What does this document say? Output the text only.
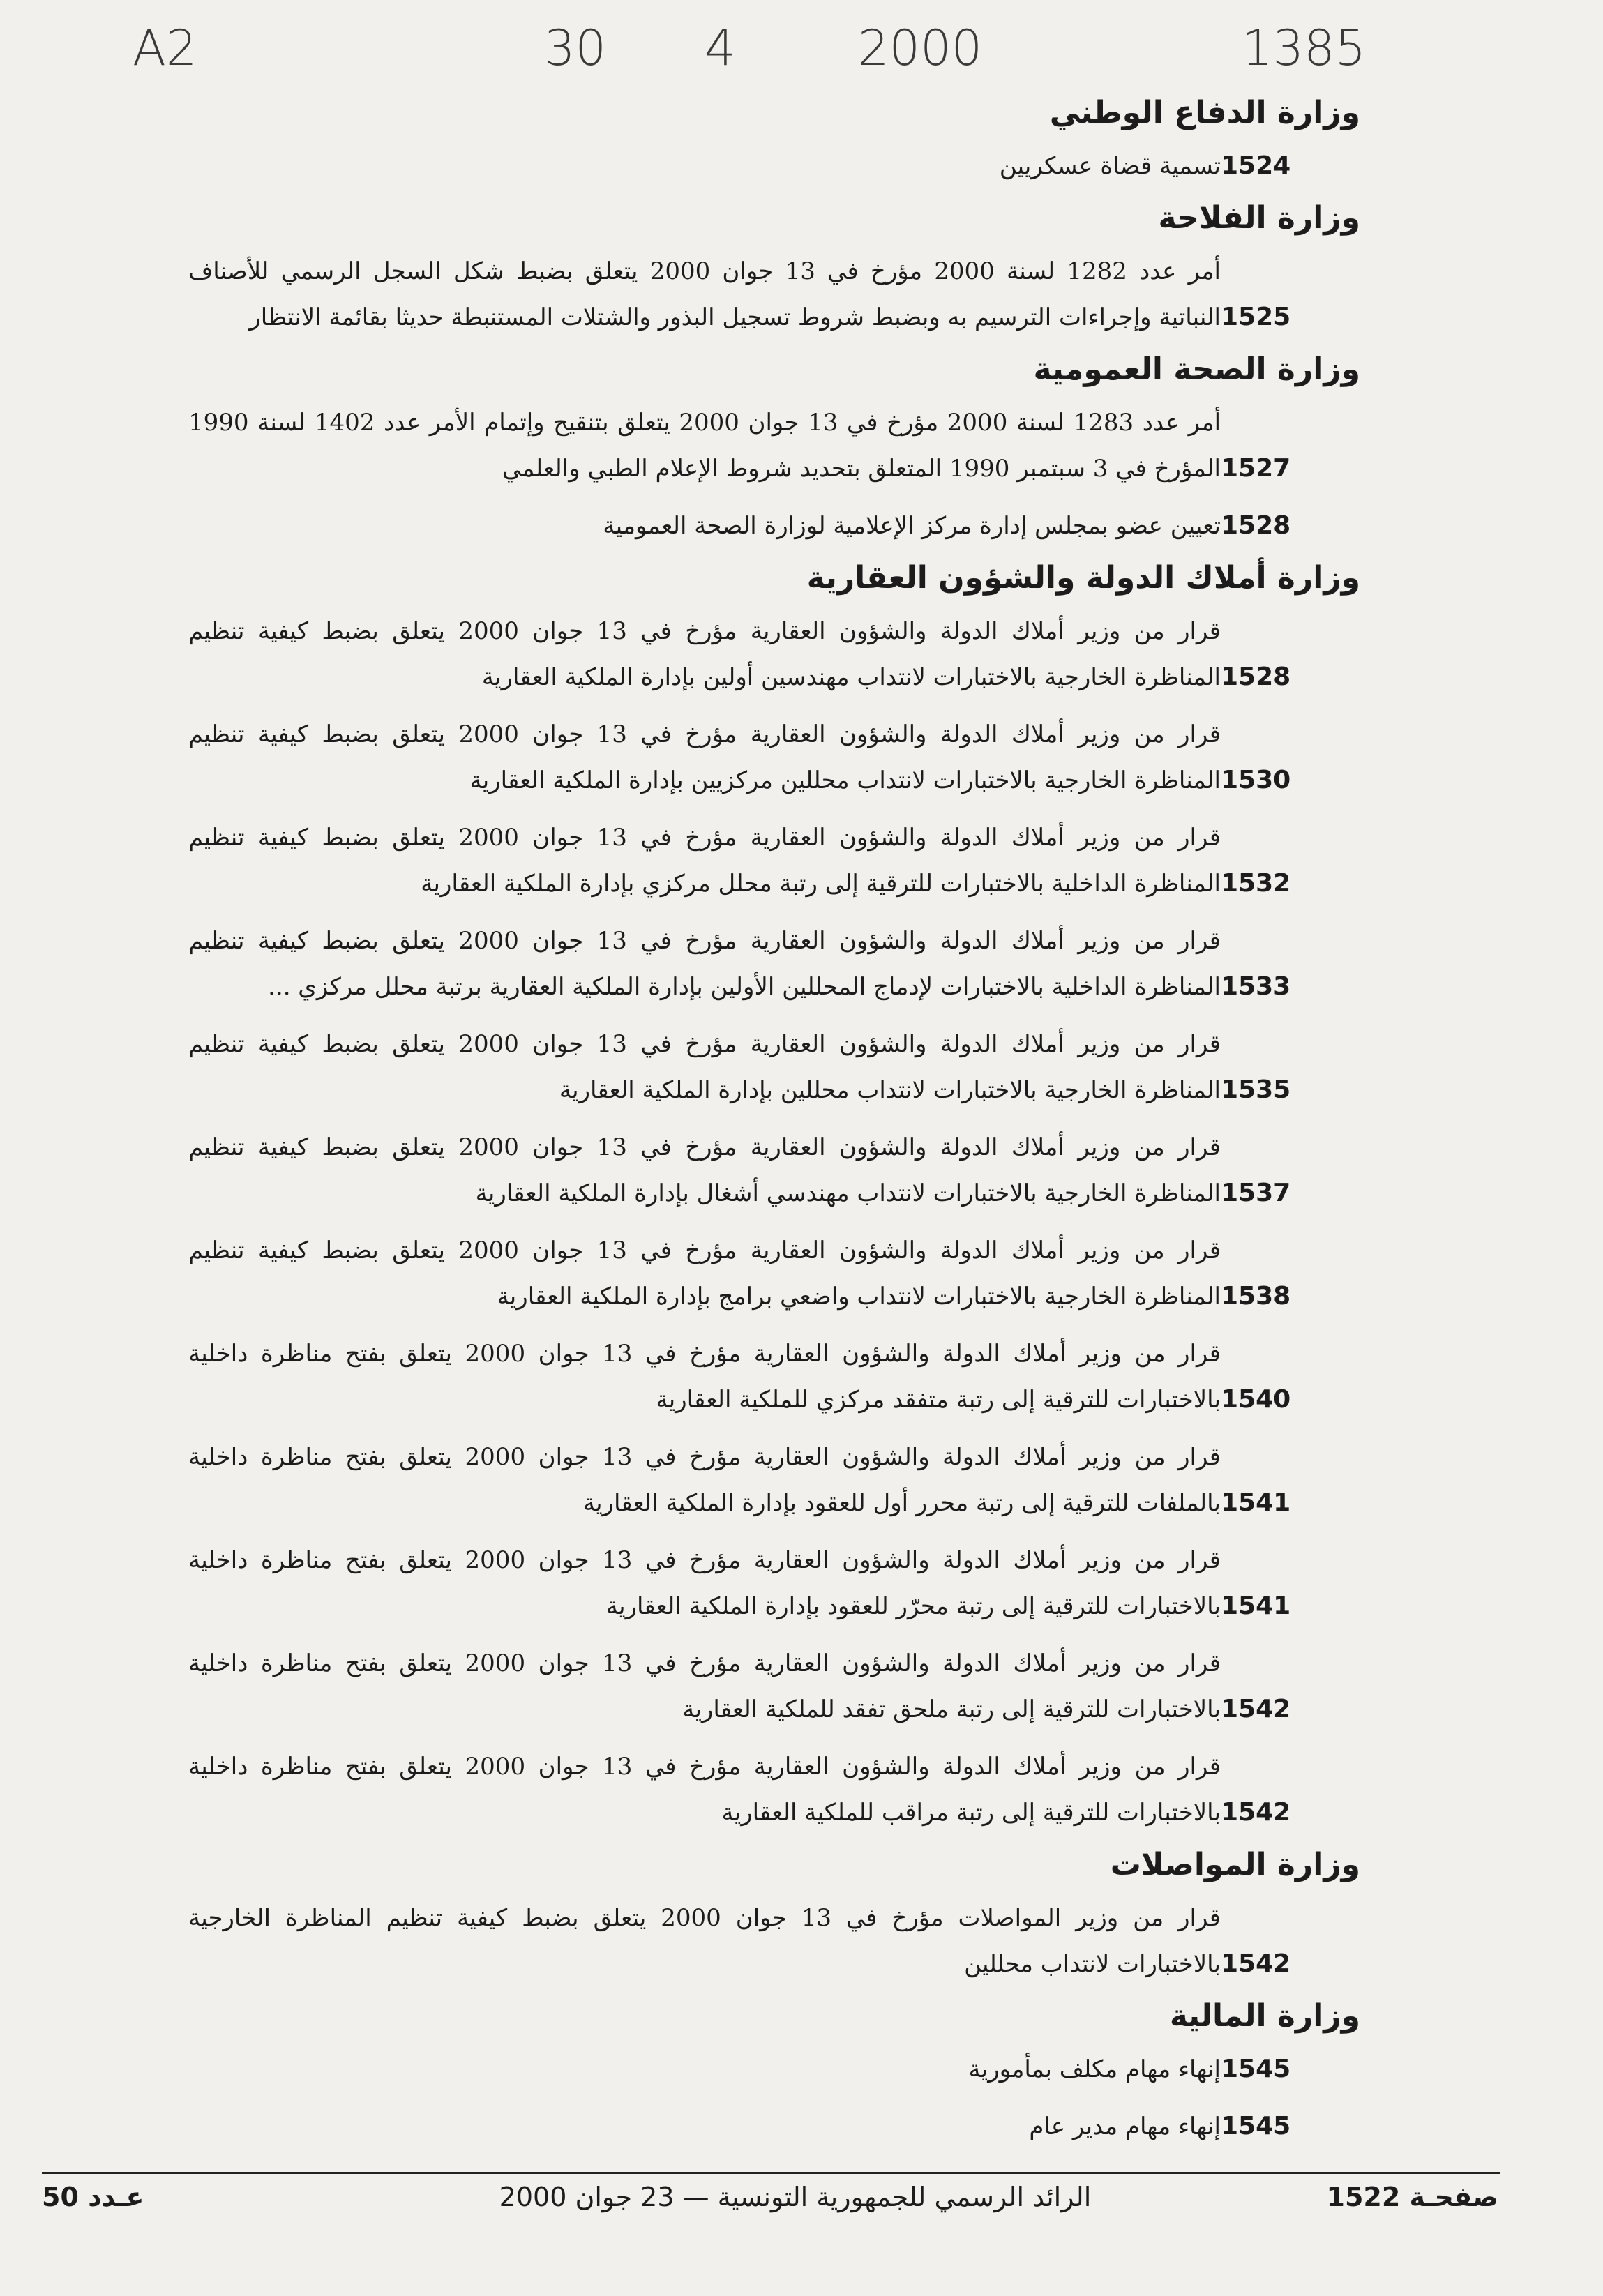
A2	30 4	2000	1385
وزارة الدفاع الوطني
تسمية قضاة عسكريين 1524
وزارة الفلاحة
أمر عدد 1282 لسنة 2000 مؤرخ في 13 جوان 2000 يتعلق بضبط شكل السجل الرسمي للأصناف النباتية وإجراءات الترسيم به وبضبط شروط تسجيل البذور والشتلات المستنبطة حديثا بقائمة الانتظار 1525
وزارة الصحة العمومية
أمر عدد 1283 لسنة 2000 مؤرخ في 13 جوان 2000 يتعلق بتنقيح وإتمام الأمر عدد 1402 لسنة 1990 المؤرخ في 3 سبتمبر 1990 المتعلق بتحديد شروط الإعلام الطبي والعلمي 1527
تعيين عضو بمجلس إدارة مركز الإعلامية لوزارة الصحة العمومية 1528
وزارة أملاك الدولة والشؤون العقارية
قرار من وزير أملاك الدولة والشؤون العقارية مؤرخ في 13 جوان 2000 يتعلق بضبط كيفية تنظيم المناظرة الخارجية بالاختبارات لانتداب مهندسين أولين بإدارة الملكية العقارية 1528
قرار من وزير أملاك الدولة والشؤون العقارية مؤرخ في 13 جوان 2000 يتعلق بضبط كيفية تنظيم المناظرة الخارجية بالاختبارات لانتداب محللين مركزيين بإدارة الملكية العقارية 1530
قرار من وزير أملاك الدولة والشؤون العقارية مؤرخ في 13 جوان 2000 يتعلق بضبط كيفية تنظيم المناظرة الداخلية بالاختبارات للترقية إلى رتبة محلل مركزي بإدارة الملكية العقارية 1532
قرار من وزير أملاك الدولة والشؤون العقارية مؤرخ في 13 جوان 2000 يتعلق بضبط كيفية تنظيم المناظرة الداخلية بالاختبارات لإدماج المحللين الأولين بإدارة الملكية العقارية برتبة محلل مركزي ... 1533
قرار من وزير أملاك الدولة والشؤون العقارية مؤرخ في 13 جوان 2000 يتعلق بضبط كيفية تنظيم المناظرة الخارجية بالاختبارات لانتداب محللين بإدارة الملكية العقارية 1535
قرار من وزير أملاك الدولة والشؤون العقارية مؤرخ في 13 جوان 2000 يتعلق بضبط كيفية تنظيم المناظرة الخارجية بالاختبارات لانتداب مهندسي أشغال بإدارة الملكية العقارية 1537
قرار من وزير أملاك الدولة والشؤون العقارية مؤرخ في 13 جوان 2000 يتعلق بضبط كيفية تنظيم المناظرة الخارجية بالاختبارات لانتداب واضعي برامج بإدارة الملكية العقارية 1538
قرار من وزير أملاك الدولة والشؤون العقارية مؤرخ في 13 جوان 2000 يتعلق بفتح مناظرة داخلية بالاختبارات للترقية إلى رتبة متفقد مركزي للملكية العقارية 1540
قرار من وزير أملاك الدولة والشؤون العقارية مؤرخ في 13 جوان 2000 يتعلق بفتح مناظرة داخلية بالملفات للترقية إلى رتبة محرر أول للعقود بإدارة الملكية العقارية 1541
قرار من وزير أملاك الدولة والشؤون العقارية مؤرخ في 13 جوان 2000 يتعلق بفتح مناظرة داخلية بالاختبارات للترقية إلى رتبة محرّر للعقود بإدارة الملكية العقارية 1541
قرار من وزير أملاك الدولة والشؤون العقارية مؤرخ في 13 جوان 2000 يتعلق بفتح مناظرة داخلية بالاختبارات للترقية إلى رتبة ملحق تفقد للملكية العقارية 1542
قرار من وزير أملاك الدولة والشؤون العقارية مؤرخ في 13 جوان 2000 يتعلق بفتح مناظرة داخلية بالاختبارات للترقية إلى رتبة مراقب للملكية العقارية 1542
وزارة المواصلات
قرار من وزير المواصلات مؤرخ في 13 جوان 2000 يتعلق بضبط كيفية تنظيم المناظرة الخارجية بالاختبارات لانتداب محللين 1542
وزارة المالية
إنهاء مهام مكلف بمأمورية 1545
إنهاء مهام مدير عام 1545
صفحـة 1522
الرائد الرسمي للجمهورية التونسية — 23 جوان 2000
عـدد 50
